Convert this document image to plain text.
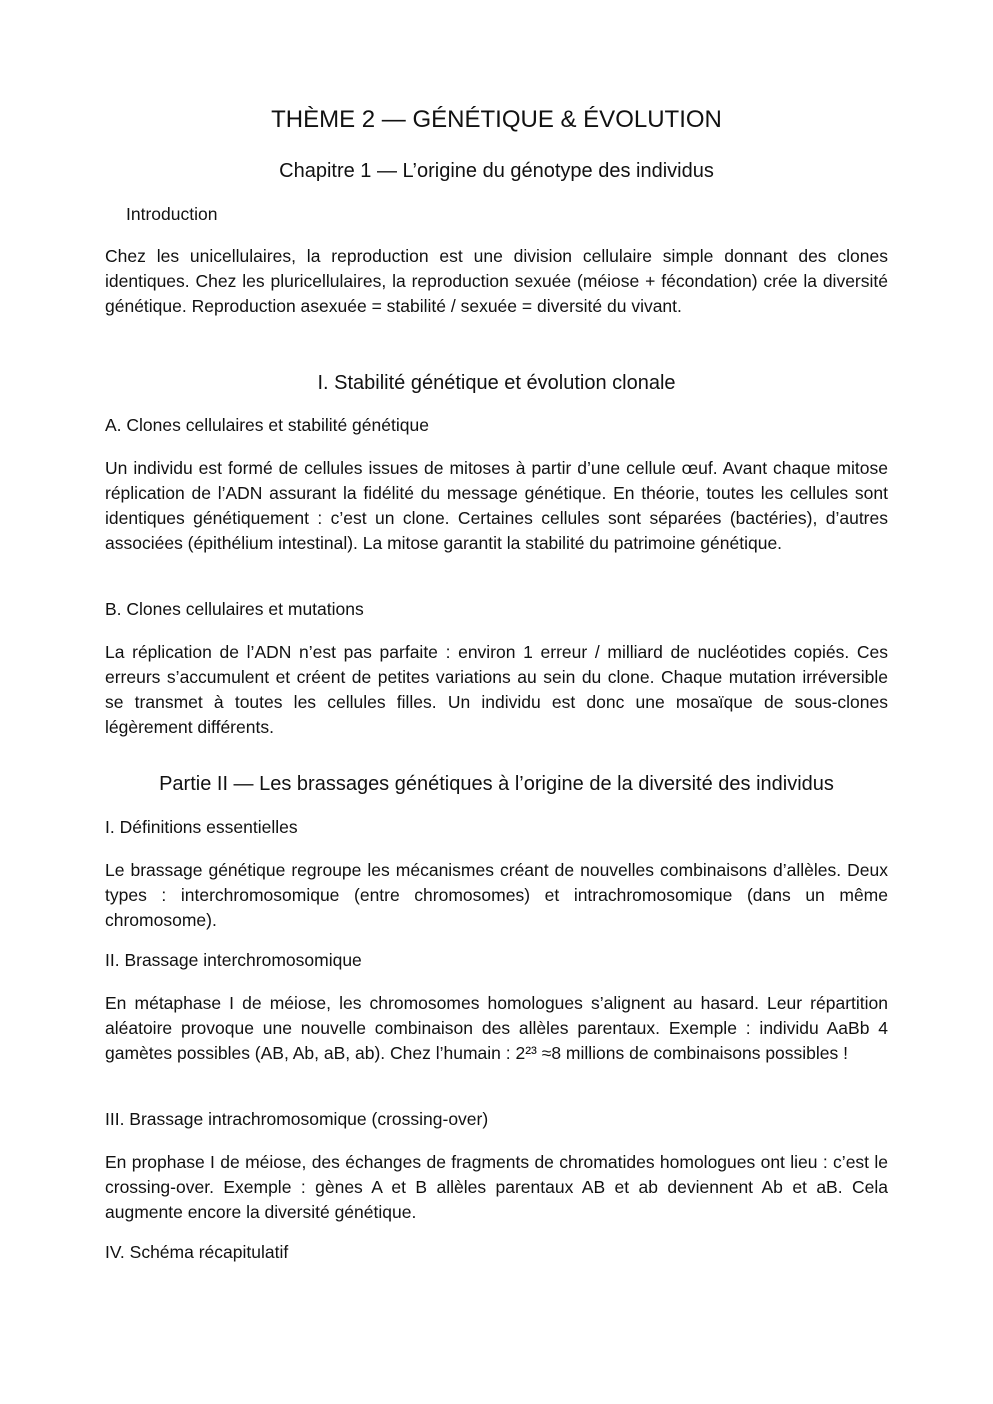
THÈME 2 — GÉNÉTIQUE & ÉVOLUTION
Chapitre 1 — L’origine du génotype des individus
Introduction

Chez les unicellulaires, la reproduction est une division cellulaire simple donnant des clones identiques. Chez les pluricellulaires, la reproduction sexuée (méiose + fécondation) crée la diversité génétique. Reproduction asexuée = stabilité / sexuée = diversité du vivant.

I. Stabilité génétique et évolution clonale
A. Clones cellulaires et stabilité génétique

Un individu est formé de cellules issues de mitoses à partir d’une cellule œuf. Avant chaque mitose réplication de l’ADN assurant la fidélité du message génétique. En théorie, toutes les cellules sont identiques génétiquement : c’est un clone. Certaines cellules sont séparées (bactéries), d’autres associées (épithélium intestinal). La mitose garantit la stabilité du patrimoine génétique.

B. Clones cellulaires et mutations

La réplication de l’ADN n’est pas parfaite : environ 1 erreur / milliard de nucléotides copiés. Ces erreurs s’accumulent et créent de petites variations au sein du clone. Chaque mutation irréversible se transmet à toutes les cellules filles. Un individu est donc une mosaïque de sous-clones légèrement différents.

Partie II — Les brassages génétiques à l’origine de la diversité des individus
I. Définitions essentielles

Le brassage génétique regroupe les mécanismes créant de nouvelles combinaisons d’allèles. Deux types : interchromosomique (entre chromosomes) et intrachromosomique (dans un même chromosome).

II. Brassage interchromosomique

En métaphase I de méiose, les chromosomes homologues s’alignent au hasard. Leur répartition aléatoire provoque une nouvelle combinaison des allèles parentaux. Exemple : individu AaBb 4 gamètes possibles (AB, Ab, aB, ab). Chez l’humain : 2²³ ≈8 millions de combinaisons possibles !

III. Brassage intrachromosomique (crossing-over)

En prophase I de méiose, des échanges de fragments de chromatides homologues ont lieu : c’est le crossing-over. Exemple : gènes A et B allèles parentaux AB et ab deviennent Ab et aB. Cela augmente encore la diversité génétique.

IV. Schéma récapitulatif
